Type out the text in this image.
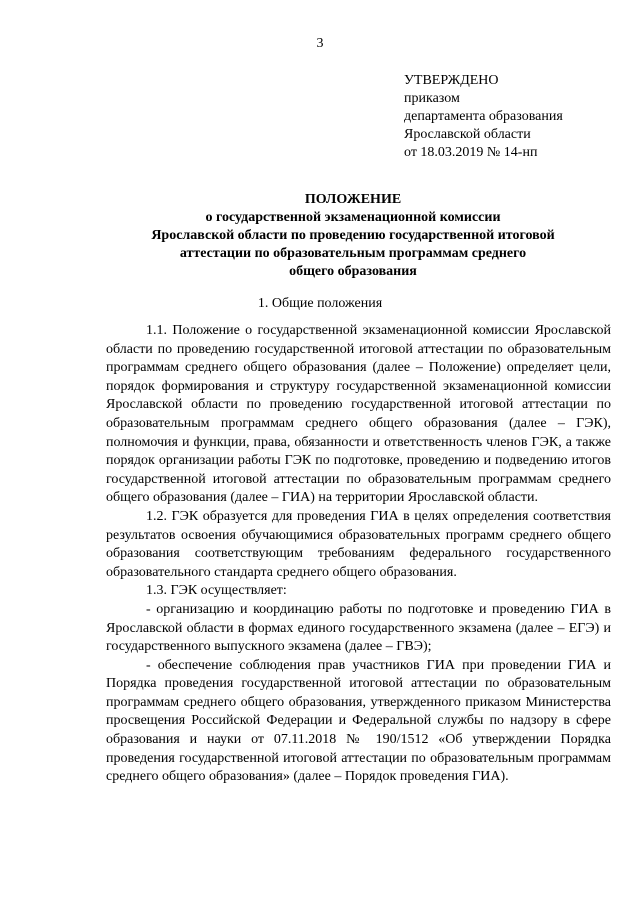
3
УТВЕРЖДЕНО
приказом
департамента образования
Ярославской области
от 18.03.2019 № 14-нп
ПОЛОЖЕНИЕ
о государственной экзаменационной комиссии
Ярославской области по проведению государственной итоговой
аттестации по образовательным программам среднего
общего образования
1. Общие положения

1.1. Положение о государственной экзаменационной комиссии Ярославской области по проведению государственной итоговой аттестации по образовательным программам среднего общего образования (далее – Положение) определяет цели, порядок формирования и структуру государственной экзаменационной комиссии Ярославской области по проведению государственной итоговой аттестации по образовательным программам среднего общего образования (далее – ГЭК), полномочия и функции, права, обязанности и ответственность членов ГЭК, а также порядок организации работы ГЭК по подготовке, проведению и подведению итогов государственной итоговой аттестации по образовательным программам среднего общего образования (далее – ГИА) на территории Ярославской области.

1.2. ГЭК образуется для проведения ГИА в целях определения соответствия результатов освоения обучающимися образовательных программ среднего общего образования соответствующим требованиям федерального государственного образовательного стандарта среднего общего образования.

1.3. ГЭК осуществляет:

- организацию и координацию работы по подготовке и проведению ГИА в Ярославской области в формах единого государственного экзамена (далее – ЕГЭ) и государственного выпускного экзамена (далее – ГВЭ);

- обеспечение соблюдения прав участников ГИА при проведении ГИА и Порядка проведения государственной итоговой аттестации по образовательным программам среднего общего образования, утвержденного приказом Министерства просвещения Российской Федерации и Федеральной службы по надзору в сфере образования и науки от 07.11.2018 № 190/1512 «Об утверждении Порядка проведения государственной итоговой аттестации по образовательным программам среднего общего образования» (далее – Порядок проведения ГИА).
